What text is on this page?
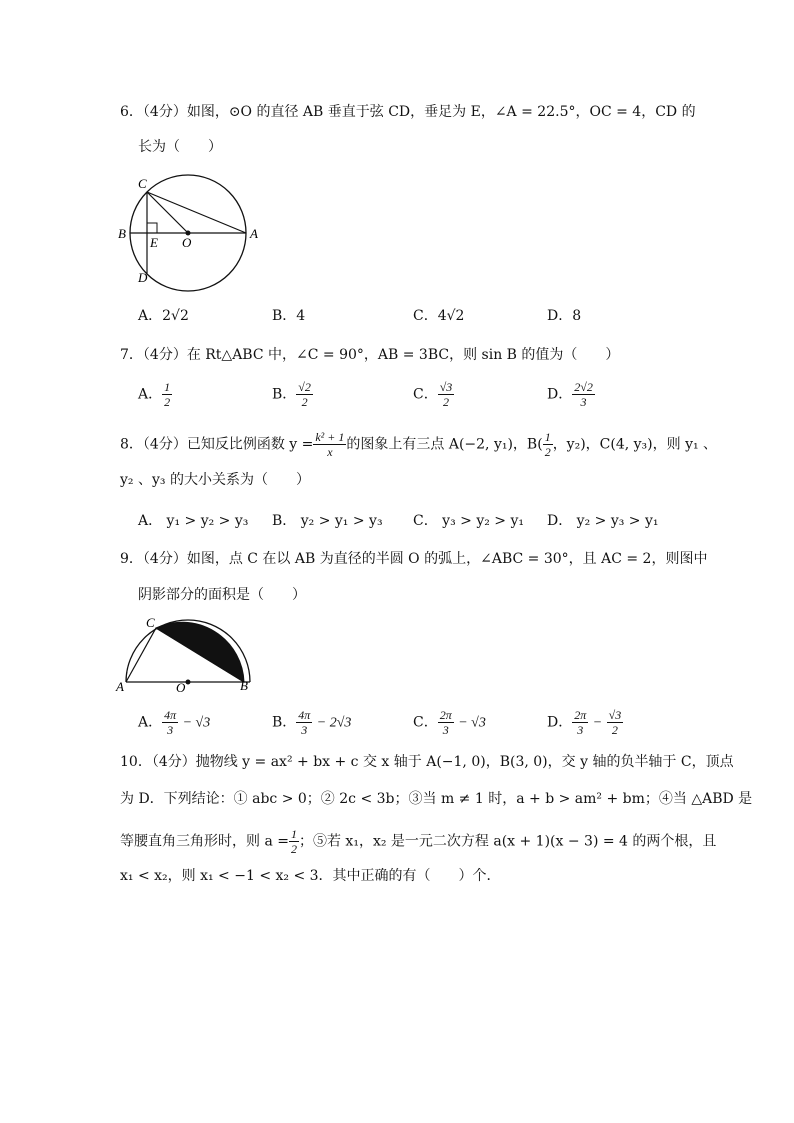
6．（4分）如图，⊙O 的直径 AB 垂直于弦 CD，垂足为 E，∠A = 22.5°，OC = 4，CD 的
长为（　　）
C
B
E O
A
D
A．2√2	B．4	C．4√2	D．8
7．（4分）在 Rt△ABC 中，∠C = 90°，AB = 3BC，则 sin B 的值为（　　）
A． $\frac{1}{2}$	B． $\frac{√2}{2}$	C． $\frac{√3}{2}$	D． $\frac{2√2}{3}$
8．（4分）已知反比例函数 $y = \frac{\text{k² + 1}}{x}$ 的图象上有三点 A(−2, y₁)，$B( \frac{1}{2}$ ，y₂)，C(4, y₃)，则 y₁ 、
y₂ 、y₃ 的大小关系为（　　）
A． y₁ > y₂ > y₃ B． y₂ > y₁ > y₃ C． y₃ > y₂ > y₁ D． y₂ > y₃ > y₁
9．（4分）如图，点 C 在以 AB 为直径的半圆 O 的弧上，∠ABC = 30°，且 AC = 2，则图中
阴影部分的面积是（　　）
C
A	O	B
A． $\frac{4\pi}{3} - √3$	B． $\frac{4\pi}{3} - 2√3$	C． $\frac{2\pi}{3} - √3$	D． $\frac{2\pi}{3} - \frac{√3}{2}$
10．（4分）抛物线 y = ax² + bx + c 交 x 轴于 A(−1, 0)，B(3, 0)，交 y 轴的负半轴于 C，顶点
为 D．下列结论：① abc > 0；② 2c < 3b；③当 m ≠ 1 时，a + b > am² + bm；④当 △ABD 是
等腰直角三角形时，则 $a = \frac{1}{2}$ ；⑤若 x₁，x₂ 是一元二次方程 a(x + 1)(x − 3) = 4 的两个根，且
x₁ < x₂，则 x₁ < −1 < x₂ < 3．其中正确的有（　　）个．
